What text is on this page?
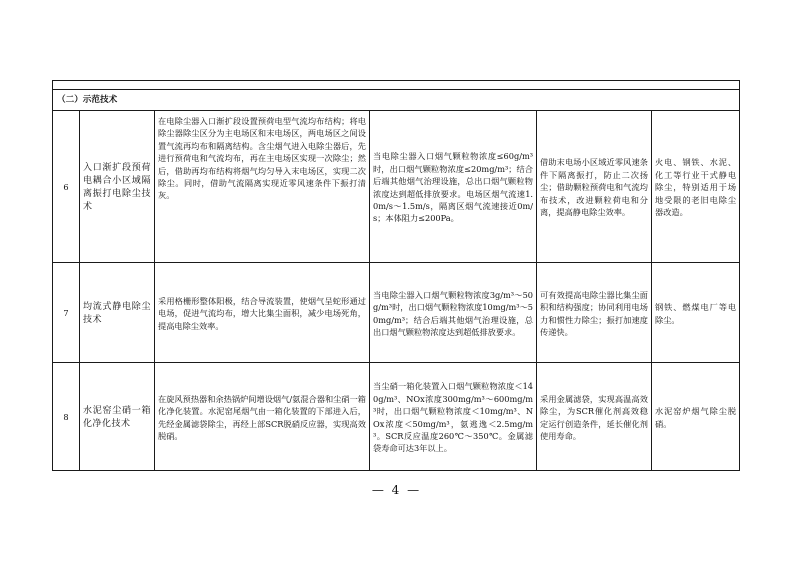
（二）示范技术					
6	入口渐扩段预荷电耦合小区域隔离振打电除尘技术	在电除尘器入口渐扩段设置预荷电型气流均布结构；将电除尘器除尘区分为主电场区和末电场区，两电场区之间设置气流再均布和隔离结构。含尘烟气进入电除尘器后，先进行预荷电和气流均布，再在主电场区实现一次除尘；然后，借助再均布结构将烟气均匀导入末电场区，实现二次除尘。同时，借助气流隔离实现近零风速条件下振打清灰。	当电除尘器入口烟气颗粒物浓度≤60g/m³时，出口烟气颗粒物浓度≤20mg/m³；结合后端其他烟气治理设施，总出口烟气颗粒物浓度达到超低排放要求。电场区烟气流速1.0m/s～1.5m/s，隔离区烟气流速接近0m/s；本体阻力≤200Pa。	借助末电场小区域近零风速条件下隔离振打，防止二次扬尘；借助颗粒预荷电和气流均布技术，改进颗粒荷电和分离，提高静电除尘效率。	火电、钢铁、水泥、化工等行业干式静电除尘，特别适用于场地受限的老旧电除尘器改造。
7	均流式静电除尘技术	采用格栅形整体阳极，结合导流装置，使烟气呈蛇形通过电场，促进气流均布，增大比集尘面积，减少电场死角，提高电除尘效率。	当电除尘器入口烟气颗粒物浓度3g/m³～50g/m³时，出口烟气颗粒物浓度10mg/m³～50mg/m³；结合后端其他烟气治理设施，总出口烟气颗粒物浓度达到超低排放要求。	可有效提高电除尘器比集尘面积和结构强度；协同利用电场力和惯性力除尘；振打加速度传递快。	钢铁、燃煤电厂等电除尘。
8	水泥窑尘硝一箱化净化技术	在旋风预热器和余热锅炉间增设烟气/氨混合器和尘硝一箱化净化装置。水泥窑尾烟气由一箱化装置的下部进入后，先经金属滤袋除尘，再经上部SCR脱硝反应器，实现高效脱硝。	当尘硝一箱化装置入口烟气颗粒物浓度＜140g/m³、NOx浓度300mg/m³～600mg/m³时，出口烟气颗粒物浓度＜10mg/m³、NOx浓度＜50mg/m³，氨逃逸＜2.5mg/m³。SCR反应温度260℃～350℃。金属滤袋寿命可达3年以上。	采用金属滤袋，实现高温高效除尘，为SCR催化剂高效稳定运行创造条件，延长催化剂使用寿命。	水泥窑炉烟气除尘脱硝。
— 4 —
